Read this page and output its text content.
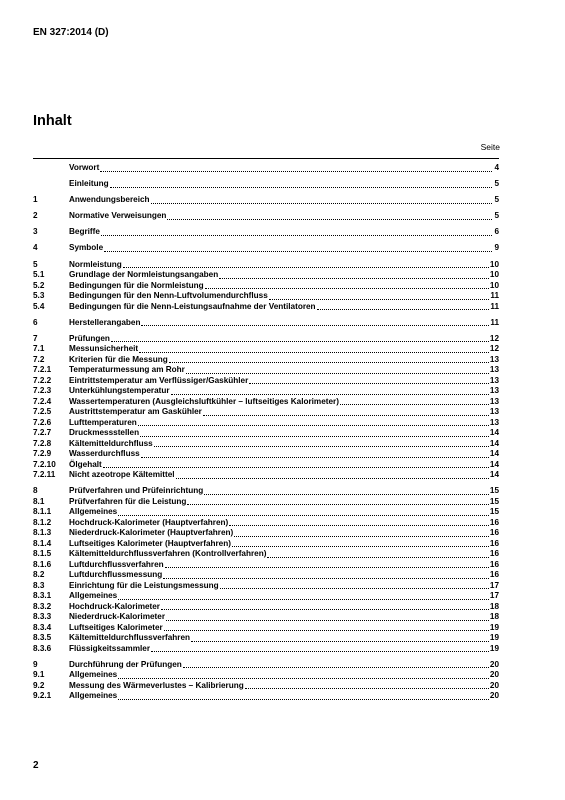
EN 327:2014 (D)
Inhalt
Seite
Vorwort	4
Einleitung	5
1	Anwendungsbereich	5
2	Normative Verweisungen	5
3	Begriffe	6
4	Symbole	9
5	Normleistung	10
5.1	Grundlage der Normleistungsangaben	10
5.2	Bedingungen für die Normleistung	10
5.3	Bedingungen für den Nenn-Luftvolumendurchfluss	11
5.4	Bedingungen für die Nenn-Leistungsaufnahme der Ventilatoren	11
6	Herstellerangaben	11
7	Prüfungen	12
7.1	Messunsicherheit	12
7.2	Kriterien für die Messung	13
7.2.1	Temperaturmessung am Rohr	13
7.2.2	Eintrittstemperatur am Verflüssiger/Gaskühler	13
7.2.3	Unterkühlungstemperatur	13
7.2.4	Wassertemperaturen (Ausgleichsluftkühler – luftseitiges Kalorimeter)	13
7.2.5	Austrittstemperatur am Gaskühler	13
7.2.6	Lufttemperaturen	13
7.2.7	Druckmessstellen	14
7.2.8	Kältemitteldurchfluss	14
7.2.9	Wasserdurchfluss	14
7.2.10	Ölgehalt	14
7.2.11	Nicht azeotrope Kältemittel	14
8	Prüfverfahren und Prüfeinrichtung	15
8.1	Prüfverfahren für die Leistung	15
8.1.1	Allgemeines	15
8.1.2	Hochdruck-Kalorimeter (Hauptverfahren)	16
8.1.3	Niederdruck-Kalorimeter (Hauptverfahren)	16
8.1.4	Luftseitiges Kalorimeter (Hauptverfahren)	16
8.1.5	Kältemitteldurchflussverfahren (Kontrollverfahren)	16
8.1.6	Luftdurchflussverfahren	16
8.2	Luftdurchflussmessung	16
8.3	Einrichtung für die Leistungsmessung	17
8.3.1	Allgemeines	17
8.3.2	Hochdruck-Kalorimeter	18
8.3.3	Niederdruck-Kalorimeter	18
8.3.4	Luftseitiges Kalorimeter	19
8.3.5	Kältemitteldurchflussverfahren	19
8.3.6	Flüssigkeitssammler	19
9	Durchführung der Prüfungen	20
9.1	Allgemeines	20
9.2	Messung des Wärmeverlustes – Kalibrierung	20
9.2.1	Allgemeines	20
2
